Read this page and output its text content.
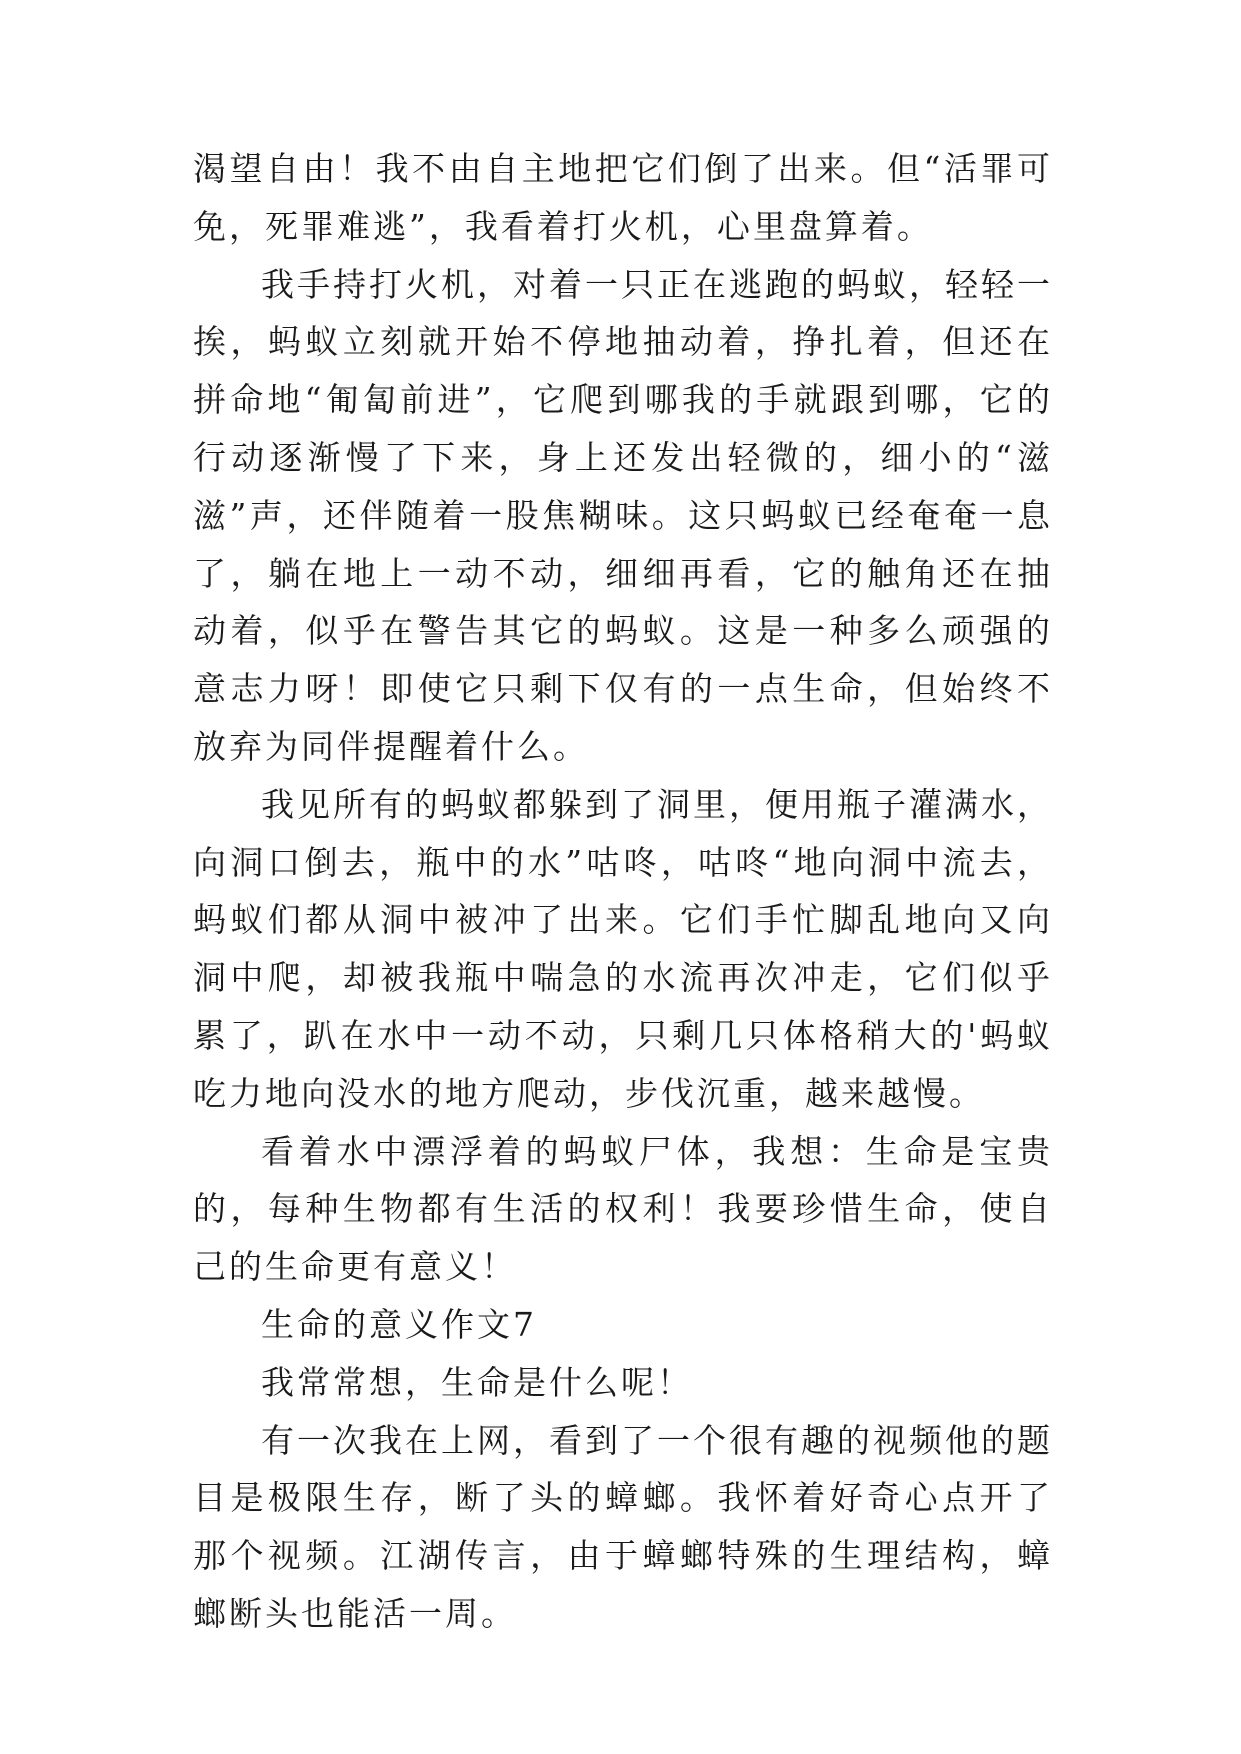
渴望自由！我不由自主地把它们倒了出来。但“活罪可免，死罪难逃”，我看着打火机，心里盘算着。

我手持打火机，对着一只正在逃跑的蚂蚁，轻轻一挨，蚂蚁立刻就开始不停地抽动着，挣扎着，但还在拼命地“匍匐前进”，它爬到哪我的手就跟到哪，它的行动逐渐慢了下来，身上还发出轻微的，细小的“滋滋”声，还伴随着一股焦糊味。这只蚂蚁已经奄奄一息了，躺在地上一动不动，细细再看，它的触角还在抽动着，似乎在警告其它的蚂蚁。这是一种多么顽强的意志力呀！即使它只剩下仅有的一点生命，但始终不放弃为同伴提醒着什么。

我见所有的蚂蚁都躲到了洞里，便用瓶子灌满水，向洞口倒去，瓶中的水”咕咚，咕咚“地向洞中流去，蚂蚁们都从洞中被冲了出来。它们手忙脚乱地向又向洞中爬，却被我瓶中喘急的水流再次冲走，它们似乎累了，趴在水中一动不动，只剩几只体格稍大的'蚂蚁吃力地向没水的地方爬动，步伐沉重，越来越慢。

看着水中漂浮着的蚂蚁尸体，我想：生命是宝贵的，每种生物都有生活的权利！我要珍惜生命，使自己的生命更有意义！

生命的意义作文7

我常常想，生命是什么呢！

有一次我在上网，看到了一个很有趣的视频他的题目是极限生存，断了头的蟑螂。我怀着好奇心点开了那个视频。江湖传言，由于蟑螂特殊的生理结构，蟑螂断头也能活一周。
